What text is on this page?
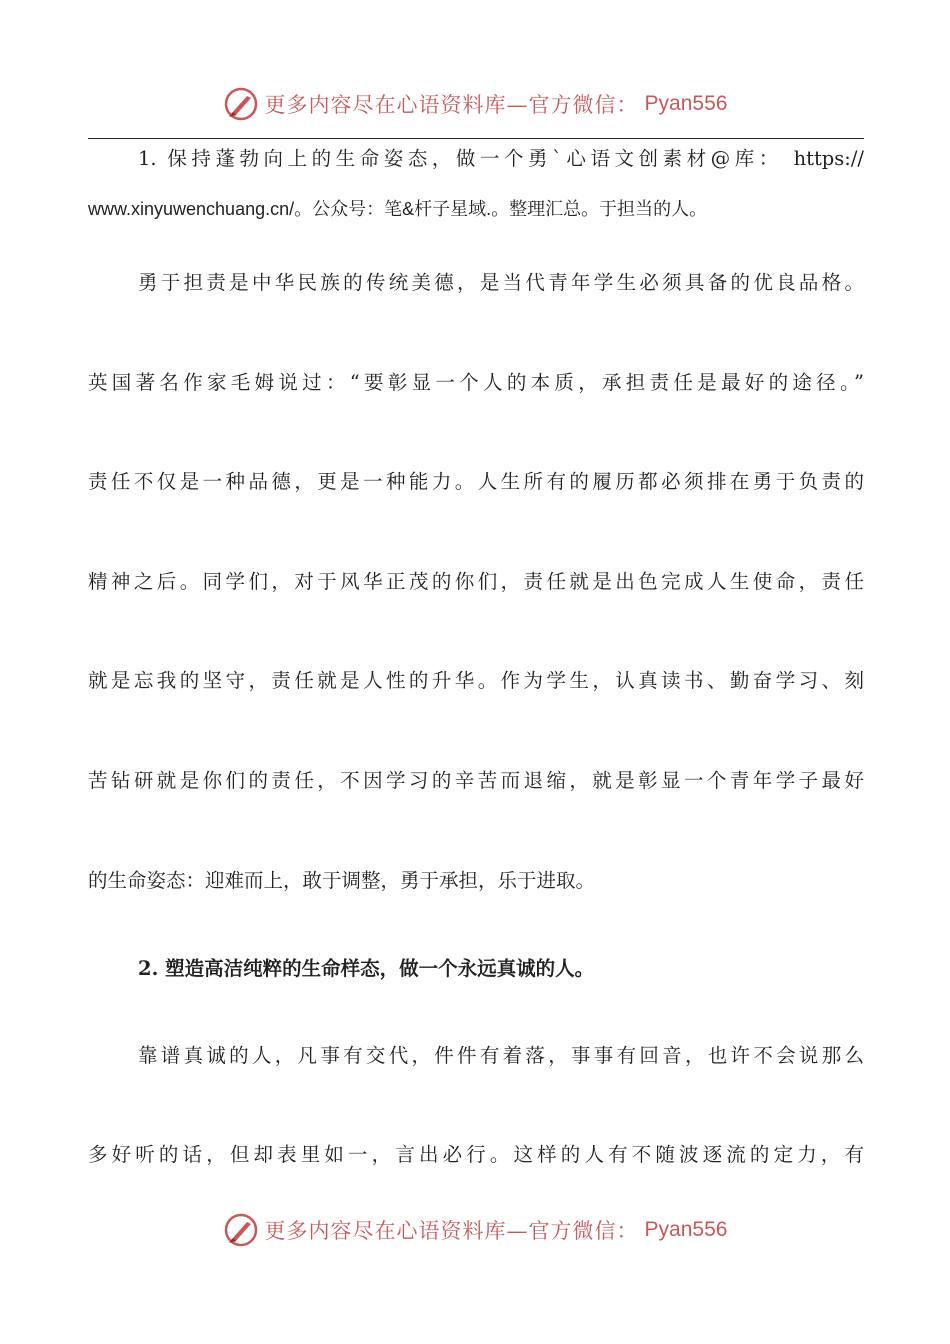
更多内容尽在心语资料库—官方微信： Pyan556
1. 保持蓬勃向上的生命姿态，做一个勇`心语文创素材@库： https://
www.xinyuwenchuang.cn/。公众号：笔&杆子星域.。整理汇总。于担当的人。
勇于担责是中华民族的传统美德，是当代青年学生必须具备的优良品格。
英国著名作家毛姆说过：“要彰显一个人的本质，承担责任是最好的途径。”
责任不仅是一种品德，更是一种能力。人生所有的履历都必须排在勇于负责的
精神之后。同学们，对于风华正茂的你们，责任就是出色完成人生使命，责任
就是忘我的坚守，责任就是人性的升华。作为学生，认真读书、勤奋学习、刻
苦钻研就是你们的责任，不因学习的辛苦而退缩，就是彰显一个青年学子最好
的生命姿态：迎难而上，敢于调整，勇于承担，乐于进取。
2. 塑造高洁纯粹的生命样态，做一个永远真诚的人。
靠谱真诚的人，凡事有交代，件件有着落，事事有回音，也许不会说那么
多好听的话，但却表里如一，言出必行。这样的人有不随波逐流的定力，有
更多内容尽在心语资料库—官方微信： Pyan556
